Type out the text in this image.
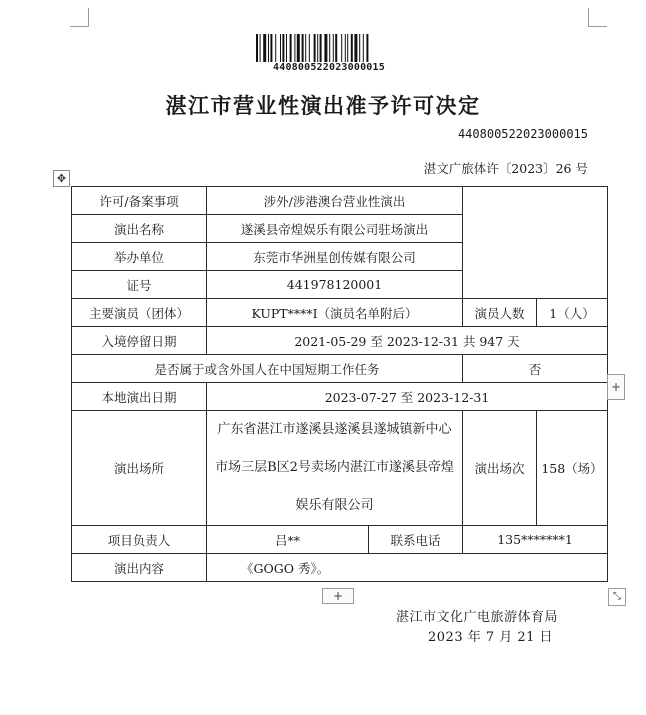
44080052202300001​5
湛江市营业性演出准予许可决定
44080052202300001​5
湛文广旅体许〔2023〕26 号
✥
许可/备案事项	涉外/涉港澳台营业性演出			
演出名称	遂溪县帝煌娱乐有限公司驻场演出			
举办单位	东莞市华洲星创传媒有限公司			
证号	441978120001			
主要演员（团体）	KUPT****I（演员名单附后）		演员人数	1（人）
入境停留日期	2021-05-29 至 2023-12-31 共 947 天			
是否属于或含外国人在中国短期工作任务			否	
本地演出日期	2023-07-27 至 2023-12-31			
演出场所	广东省湛江市遂溪县遂溪县遂城镇新中心市场三层B区2号卖场内湛江市遂溪县帝煌娱乐有限公司		演出场次	158（场）
项目负责人	吕**	联系电话	135*******1	
演出内容	《GOGO 秀》。			
+
+	⤡
湛江市文化广电旅游体育局
2023 年 7 月 21 日
